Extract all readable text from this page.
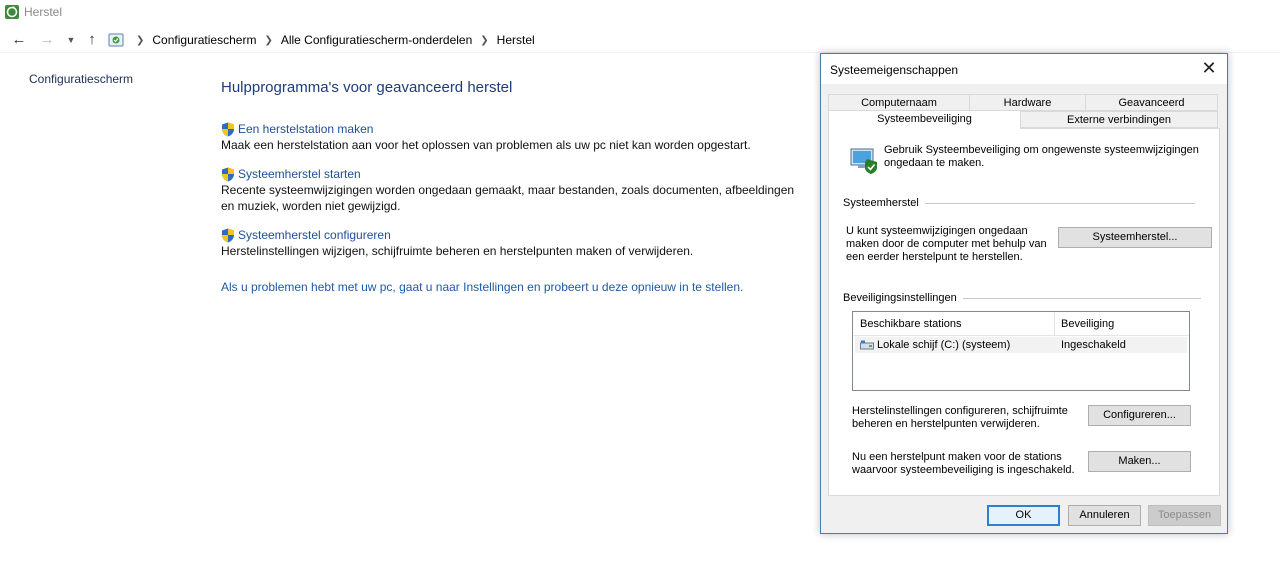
Herstel
← →	▼ ↑	❯ Configuratiescherm ❯ Alle Configuratiescherm-onderdelen ❯ Herstel
Configuratiescherm	Hulpprogramma's voor geavanceerd herstel
Een herstelstation maken
Maak een herstelstation aan voor het oplossen van problemen als uw pc niet kan worden opgestart.
Systeemherstel starten
Recente systeemwijzigingen worden ongedaan gemaakt, maar bestanden, zoals documenten, afbeeldingen en muziek, worden niet gewijzigd.
Systeemherstel configureren
Herstelinstellingen wijzigen, schijfruimte beheren en herstelpunten maken of verwijderen.
Als u problemen hebt met uw pc, gaat u naar Instellingen en probeert u deze opnieuw in te stellen.
Systeemeigenschappen	✕
Computernaam	Hardware	Geavanceerd
Systeembeveiliging	Externe verbindingen
Gebruik Systeembeveiliging om ongewenste systeemwijzigingen ongedaan te maken.
Systeemherstel
U kunt systeemwijzigingen ongedaan maken door de computer met behulp van een eerder herstelpunt te herstellen.
Systeemherstel...
Beveiligingsinstellingen
Beschikbare stations	Beveiliging
Lokale schijf (C:) (systeem)	Ingeschakeld
Herstelinstellingen configureren, schijfruimte beheren en herstelpunten verwijderen.
Configureren...
Nu een herstelpunt maken voor de stations waarvoor systeembeveiliging is ingeschakeld.
Maken...
OK	Annuleren	Toepassen
